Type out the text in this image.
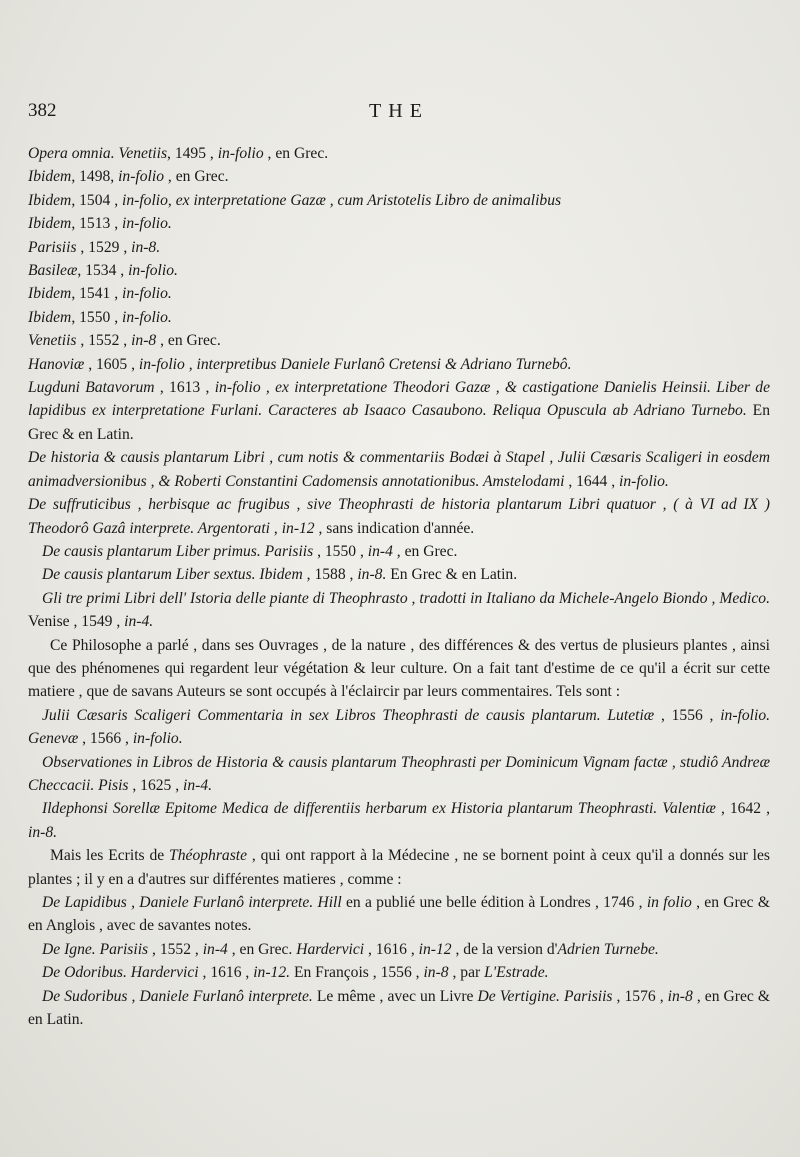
382	THE

Opera omnia. Venetiis, 1495 , in-folio , en Grec.

Ibidem, 1498, in-folio , en Grec.

Ibidem, 1504 , in-folio, ex interpretatione Gazæ , cum Aristotelis Libro de animalibus

Ibidem, 1513 , in-folio.

Parisiis , 1529 , in-8.

Basileæ, 1534 , in-folio.

Ibidem, 1541 , in-folio.

Ibidem, 1550 , in-folio.

Venetiis , 1552 , in-8 , en Grec.

Hanoviæ , 1605 , in-folio , interpretibus Daniele Furlanô Cretensi & Adriano Turnebô.

Lugduni Batavorum , 1613 , in-folio , ex interpretatione Theodori Gazæ , & castigatione Danielis Heinsii. Liber de lapidibus ex interpretatione Furlani. Caracteres ab Isaaco Casaubono. Reliqua Opuscula ab Adriano Turnebo. En Grec & en Latin.

De historia & causis plantarum Libri , cum notis & commentariis Bodæi à Stapel , Julii Cæsaris Scaligeri in eosdem animadversionibus , & Roberti Constantini Cadomensis annotationibus. Amstelodami , 1644 , in-folio.

De suffruticibus , herbisque ac frugibus , sive Theophrasti de historia plantarum Libri quatuor , ( à VI ad IX ) Theodorô Gazâ interprete. Argentorati , in-12 , sans indication d'année.

De causis plantarum Liber primus. Parisiis , 1550 , in-4 , en Grec.

De causis plantarum Liber sextus. Ibidem , 1588 , in-8. En Grec & en Latin.

Gli tre primi Libri dell' Istoria delle piante di Theophrasto , tradotti in Italiano da Michele-Angelo Biondo , Medico. Venise , 1549 , in-4.

Ce Philosophe a parlé , dans ses Ouvrages , de la nature , des différences & des vertus de plusieurs plantes , ainsi que des phénomenes qui regardent leur végétation & leur culture. On a fait tant d'estime de ce qu'il a écrit sur cette matiere , que de savans Auteurs se sont occupés à l'éclaircir par leurs commentaires. Tels sont :

Julii Cæsaris Scaligeri Commentaria in sex Libros Theophrasti de causis plantarum. Lutetiæ , 1556 , in-folio. Genevæ , 1566 , in-folio.

Observationes in Libros de Historia & causis plantarum Theophrasti per Dominicum Vignam factæ , studiô Andreæ Checcacii. Pisis , 1625 , in-4.

Ildephonsi Sorellæ Epitome Medica de differentiis herbarum ex Historia plantarum Theophrasti. Valentiæ , 1642 , in-8.

Mais les Ecrits de Théophraste , qui ont rapport à la Médecine , ne se bornent point à ceux qu'il a donnés sur les plantes ; il y en a d'autres sur différentes matieres , comme :

De Lapidibus , Daniele Furlanô interprete. Hill en a publié une belle édition à Londres , 1746 , in folio , en Grec & en Anglois , avec de savantes notes.

De Igne. Parisiis , 1552 , in-4 , en Grec. Hardervici , 1616 , in-12 , de la version d'Adrien Turnebe.

De Odoribus. Hardervici , 1616 , in-12. En François , 1556 , in-8 , par L'Estrade.

De Sudoribus , Daniele Furlanô interprete. Le même , avec un Livre De Vertigine. Parisiis , 1576 , in-8 , en Grec & en Latin.
